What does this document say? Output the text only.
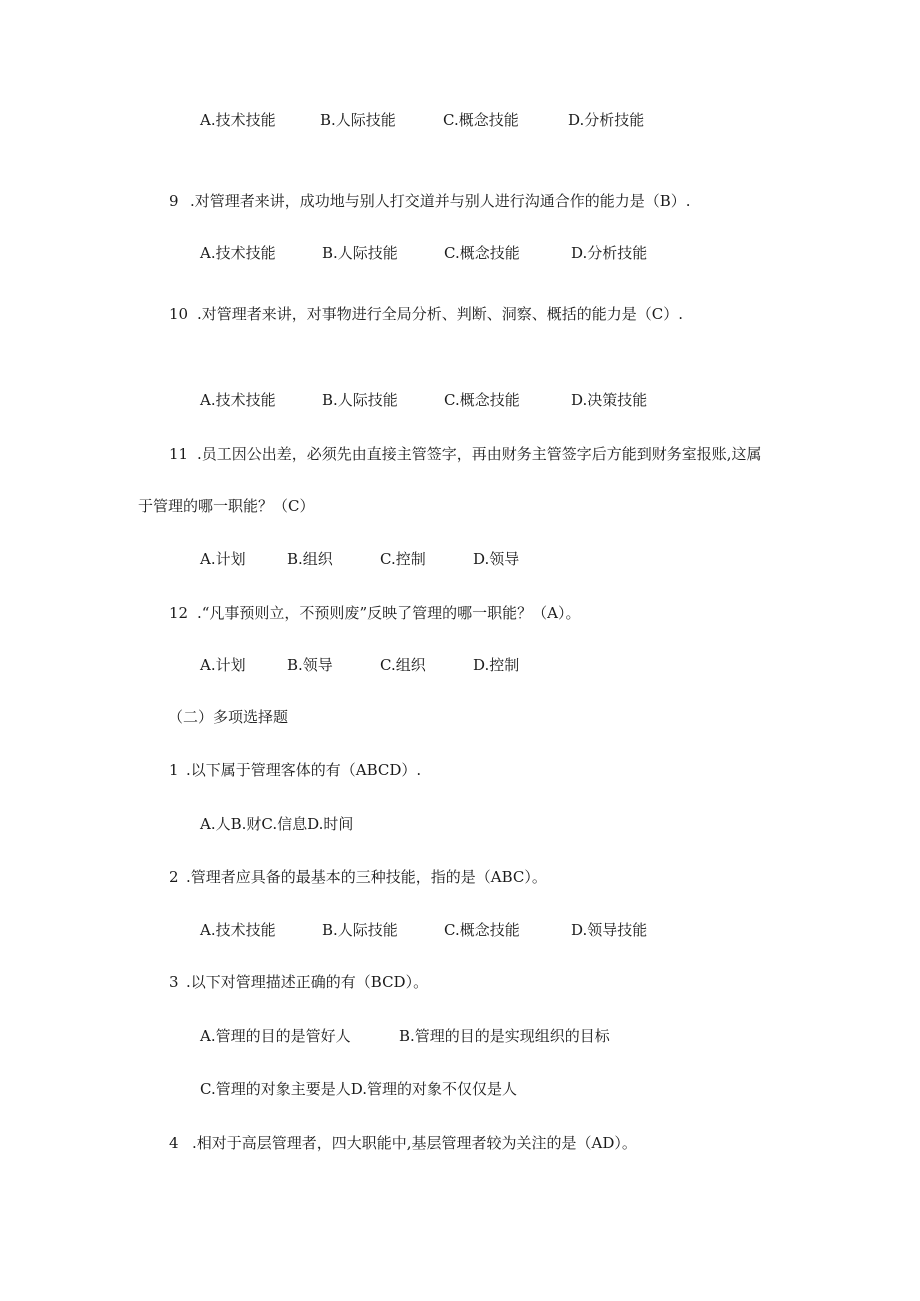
A.技术技能	B.人际技能	C.概念技能	D.分析技能
9 .对管理者来讲，成功地与别人打交道并与别人进行沟通合作的能力是（B）.
A.技术技能	B.人际技能	C.概念技能	D.分析技能
10 .对管理者来讲，对事物进行全局分析、判断、洞察、概括的能力是（C）.
A.技术技能	B.人际技能	C.概念技能	D.决策技能
11 .员工因公出差，必须先由直接主管签字，再由财务主管签字后方能到财务室报账,这属
于管理的哪一职能？（C）
A.计划	B.组织	C.控制	D.领导
12 .“凡事预则立，不预则废”反映了管理的哪一职能？（A）。
A.计划	B.领导	C.组织	D.控制
（二）多项选择题
1 .以下属于管理客体的有（ABCD）.
A.人B.财C.信息D.时间
2 .管理者应具备的最基本的三种技能，指的是（ABC）。
A.技术技能	B.人际技能	C.概念技能	D.领导技能
3 .以下对管理描述正确的有（BCD）。
A.管理的目的是管好人	B.管理的目的是实现组织的目标
C.管理的对象主要是人D.管理的对象不仅仅是人
4 .相对于高层管理者，四大职能中,基层管理者较为关注的是（AD）。
